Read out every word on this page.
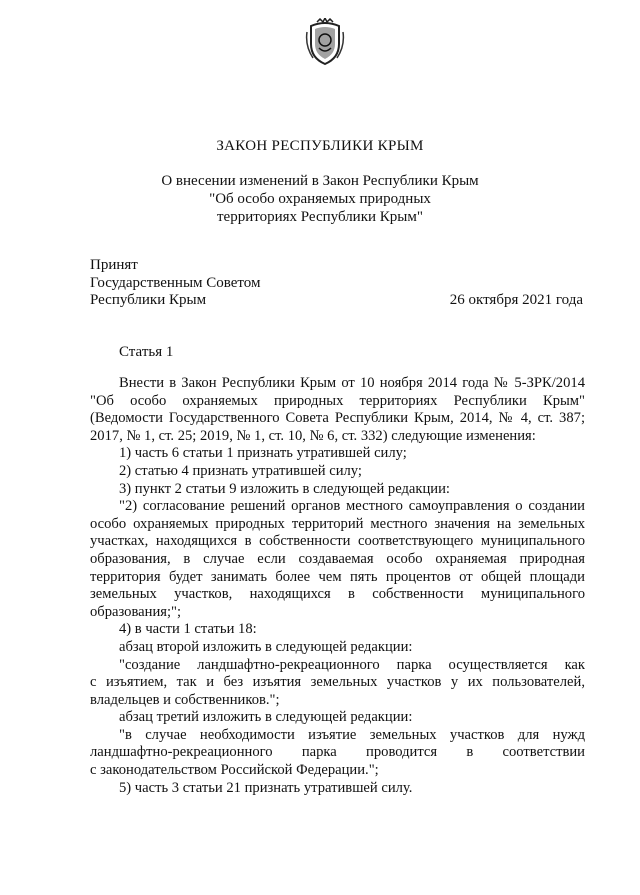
ЗАКОН РЕСПУБЛИКИ КРЫМ
О внесении изменений в Закон Республики Крым
"Об особо охраняемых природных
территориях Республики Крым"
Принят
Государственным Советом
Республики Крым	26 октября 2021 года
Статья 1

Внести в Закон Республики Крым от 10 ноября 2014 года № 5-ЗРК/2014

"Об особо охраняемых природных территориях Республики Крым"

(Ведомости Государственного Совета Республики Крым, 2014, № 4, ст. 387;

2017, № 1, ст. 25; 2019, № 1, ст. 10, № 6, ст. 332) следующие изменения:

1) часть 6 статьи 1 признать утратившей силу;

2) статью 4 признать утратившей силу;

3) пункт 2 статьи 9 изложить в следующей редакции:

"2) согласование решений органов местного самоуправления о создании

особо охраняемых природных территорий местного значения на земельных

участках, находящихся в собственности соответствующего муниципального

образования, в случае если создаваемая особо охраняемая природная

территория будет занимать более чем пять процентов от общей площади

земельных участков, находящихся в собственности муниципального

образования;";

4) в части 1 статьи 18:

абзац второй изложить в следующей редакции:

"создание ландшафтно-рекреационного парка осуществляется как

с изъятием, так и без изъятия земельных участков у их пользователей,

владельцев и собственников.";

абзац третий изложить в следующей редакции:

"в случае необходимости изъятие земельных участков для нужд

ландшафтно-рекреационного парка проводится в соответствии

с законодательством Российской Федерации.";

5) часть 3 статьи 21 признать утратившей силу.
